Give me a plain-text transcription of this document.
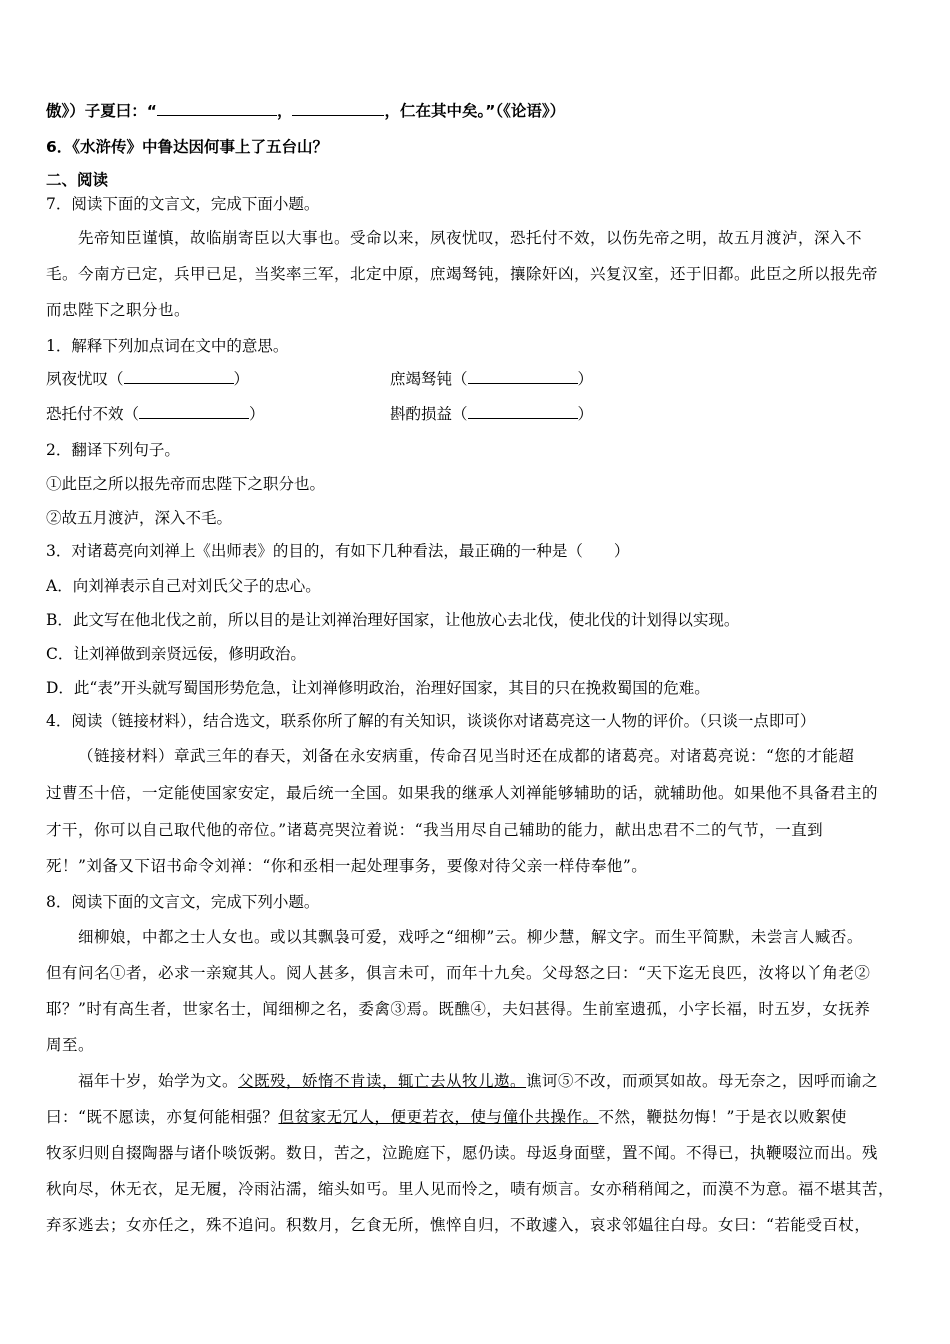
傲》）子夏曰：“	，	，仁在其中矣。”（《论语》）
6．《水浒传》中鲁达因何事上了五台山？
二、阅读
7．阅读下面的文言文，完成下面小题。
先帝知臣谨慎，故临崩寄臣以大事也。受命以来，夙夜忧叹，恐托付不效，以伤先帝之明，故五月渡泸，深入不
毛。今南方已定，兵甲已足，当奖率三军，北定中原，庶竭驽钝，攘除奸凶，兴复汉室，还于旧都。此臣之所以报先帝
而忠陛下之职分也。
1．解释下列加点词在文中的意思。
夙夜忧叹（	）	庶竭驽钝（	）
恐托付不效（	）	斟酌损益（	）
2．翻译下列句子。
①此臣之所以报先帝而忠陛下之职分也。
②故五月渡泸，深入不毛。
3．对诸葛亮向刘禅上《出师表》的目的，有如下几种看法，最正确的一种是（　　）
A．向刘禅表示自己对刘氏父子的忠心。
B．此文写在他北伐之前，所以目的是让刘禅治理好国家，让他放心去北伐，使北伐的计划得以实现。
C．让刘禅做到亲贤远佞，修明政治。
D．此“表”开头就写蜀国形势危急，让刘禅修明政治，治理好国家，其目的只在挽救蜀国的危难。
4．阅读（链接材料），结合选文，联系你所了解的有关知识，谈谈你对诸葛亮这一人物的评价。（只谈一点即可）
（链接材料）章武三年的春天，刘备在永安病重，传命召见当时还在成都的诸葛亮。对诸葛亮说：“您的才能超
过曹丕十倍，一定能使国家安定，最后统一全国。如果我的继承人刘禅能够辅助的话，就辅助他。如果他不具备君主的
才干，你可以自己取代他的帝位。”诸葛亮哭泣着说：“我当用尽自己辅助的能力，献出忠君不二的气节，一直到
死！”刘备又下诏书命令刘禅：“你和丞相一起处理事务，要像对待父亲一样侍奉他”。
8．阅读下面的文言文，完成下列小题。
细柳娘，中都之士人女也。或以其飘袅可爱，戏呼之“细柳”云。柳少慧，解文字。而生平简默，未尝言人臧否。
但有问名①者，必求一亲窥其人。阅人甚多，俱言未可，而年十九矣。父母怒之曰：“天下迄无良匹，汝将以丫角老②
耶？”时有高生者，世家名士，闻细柳之名，委禽③焉。既醮④，夫妇甚得。生前室遗孤，小字长福，时五岁，女抚养
周至。
福年十岁，始学为文。父既殁，娇惰不肯读，辄亡去从牧儿遨。谯诃⑤不改，而顽冥如故。母无奈之，因呼而谕之
曰：“既不愿读，亦复何能相强？但贫家无冗人，便更若衣，使与僮仆共操作。不然，鞭挞勿悔！”于是衣以败絮使
牧豕归则自掇陶器与诸仆啖饭粥。数日，苦之，泣跪庭下，愿仍读。母返身面壁，置不闻。不得已，执鞭啜泣而出。残
秋向尽，休无衣，足无履，冷雨沾濡，缩头如丐。里人见而怜之，啧有烦言。女亦稍稍闻之，而漠不为意。福不堪其苦，
弃豕逃去；女亦任之，殊不追问。积数月，乞食无所，憔悴自归，不敢遽入，哀求邻媪往白母。女曰：“若能受百杖，
